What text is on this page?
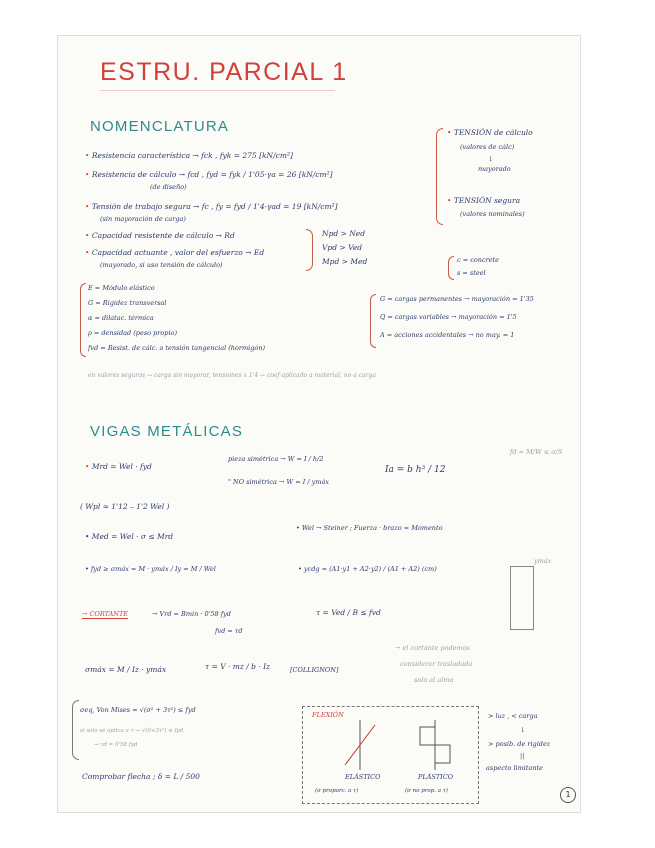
ESTRU. PARCIAL 1
NOMENCLATURA
• Resistencia característica → fck , fyk = 275 [kN/cm²]
• Resistencia de cálculo → fcd , fyd = fyk / 1'05·γa = 26 [kN/cm²]
(de diseño)
• Tensión de trabajo segura → fc , fy = fyd / 1'4·γad = 19 [kN/cm²]
(sin mayoración de carga)
• Capacidad resistente de cálculo → Rd
• Capacidad actuante , valor del esfuerzo → Ed
(mayorado, si uso tensión de cálculo)
Npd > Ned
Vpd > Ved
Mpd > Med
• TENSIÓN de cálculo
(valores de cálc)
↓
mayorado
• TENSIÓN segura
(valores nominales)
c = concrete
s = steel
E = Módulo elástico
G = Rigidez transversal
α = dilatac. térmica
ρ = densidad (peso propio)
fvd = Resist. de cálc. a tensión tangencial (hormigón)
G = cargas permanentes → mayoración = 1'35
Q = cargas variables → mayoración = 1'5
A = acciones accidentales → no may. = 1
en valores seguros → carga sin mayorar, tensiones x 1'4 → coef aplicado a material, no a carga
VIGAS METÁLICAS
• Mrd = Wel · fyd
pieza simétrica → W = I / h/2
" NO simétrica → W = I / ymáx
Ia = b h³ / 12
fd = M/W ≤ σ/S
( Wpl ≃ 1'12 – 1'2 Wel )
• Wel → Steiner ; Fuerza · brazo = Momento
• Med = Wel · σ ≤ Mrd
• fyd ≥ σmáx = M · ymáx / Iy = M / Wel	• ycdg = (A1·y1 + A2·y2) / (A1 + A2) (cm)
ymáx
→ CORTANTE	→ Vrd = Bmin · 0'58 fyd
fvd = τd
τ = Ved / B ≤ fvd
σmáx = M / Iz · ymáx	τ = V · mz / b · Iz	[COLLIGNON]
→ el cortante podemos
considerar trasladada
solo al alma
σeq, Von Mises = √(σ² + 3τ²) ≤ fyd
si solo se aplica a τ → √(0+3τ²) ≤ fyd
→ τd = 0'58 fyd
Comprobar flecha ; δ = L / 500
FLEXIÓN
ELÁSTICO	PLÁSTICO
(σ proporc. a τ)	(σ no prop. a τ)
> luz , < carga
↓
> posib. de rigidez
||
aspecto limitante
1
